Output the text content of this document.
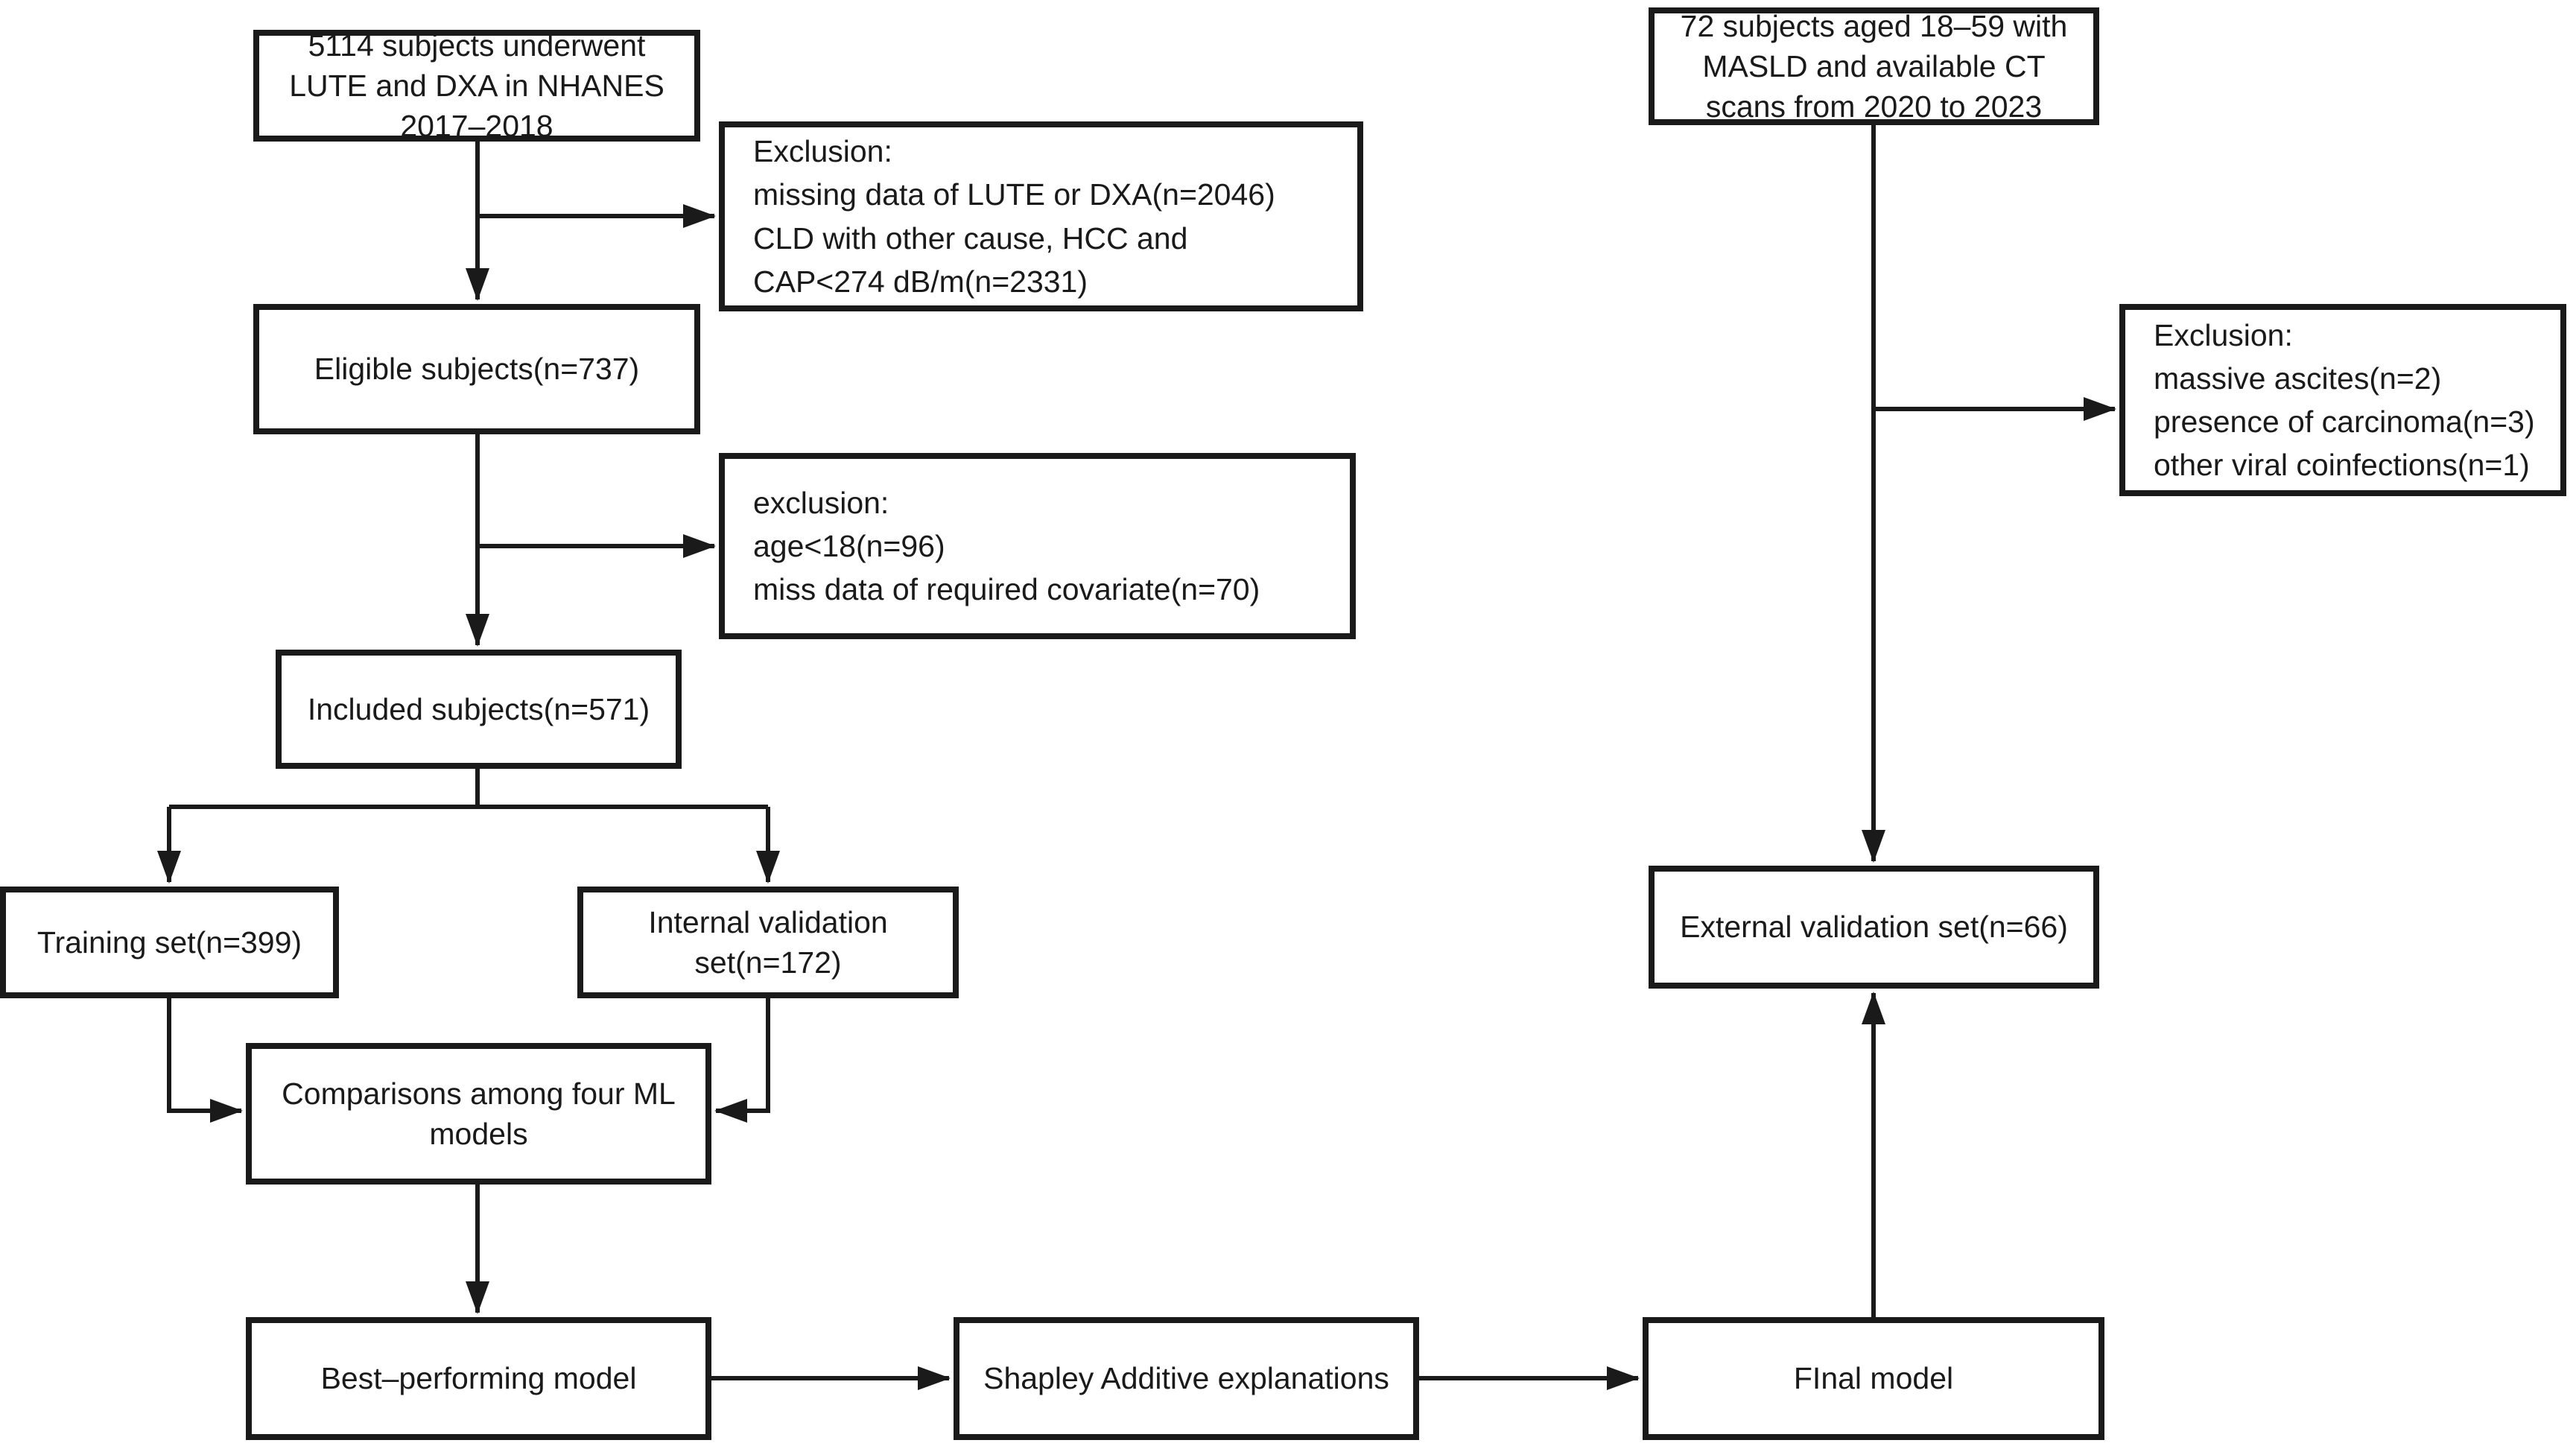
5114 subjects underwent
LUTE and DXA in NHANES
2017–2018
Exclusion:
missing data of LUTE or DXA(n=2046)
CLD with other cause, HCC and
CAP<274 dB/m(n=2331)
Eligible subjects(n=737)
exclusion:
age<18(n=96)
miss data of required covariate(n=70)
Included subjects(n=571)
Training set(n=399)
Internal validation
set(n=172)
Comparisons among four ML
models
Best–performing model	Shapley Additive explanations	FInal model
72 subjects aged 18–59 with
MASLD and available CT
scans from 2020 to 2023
Exclusion:
massive ascites(n=2)
presence of carcinoma(n=3)
other viral coinfections(n=1)
External validation set(n=66)
